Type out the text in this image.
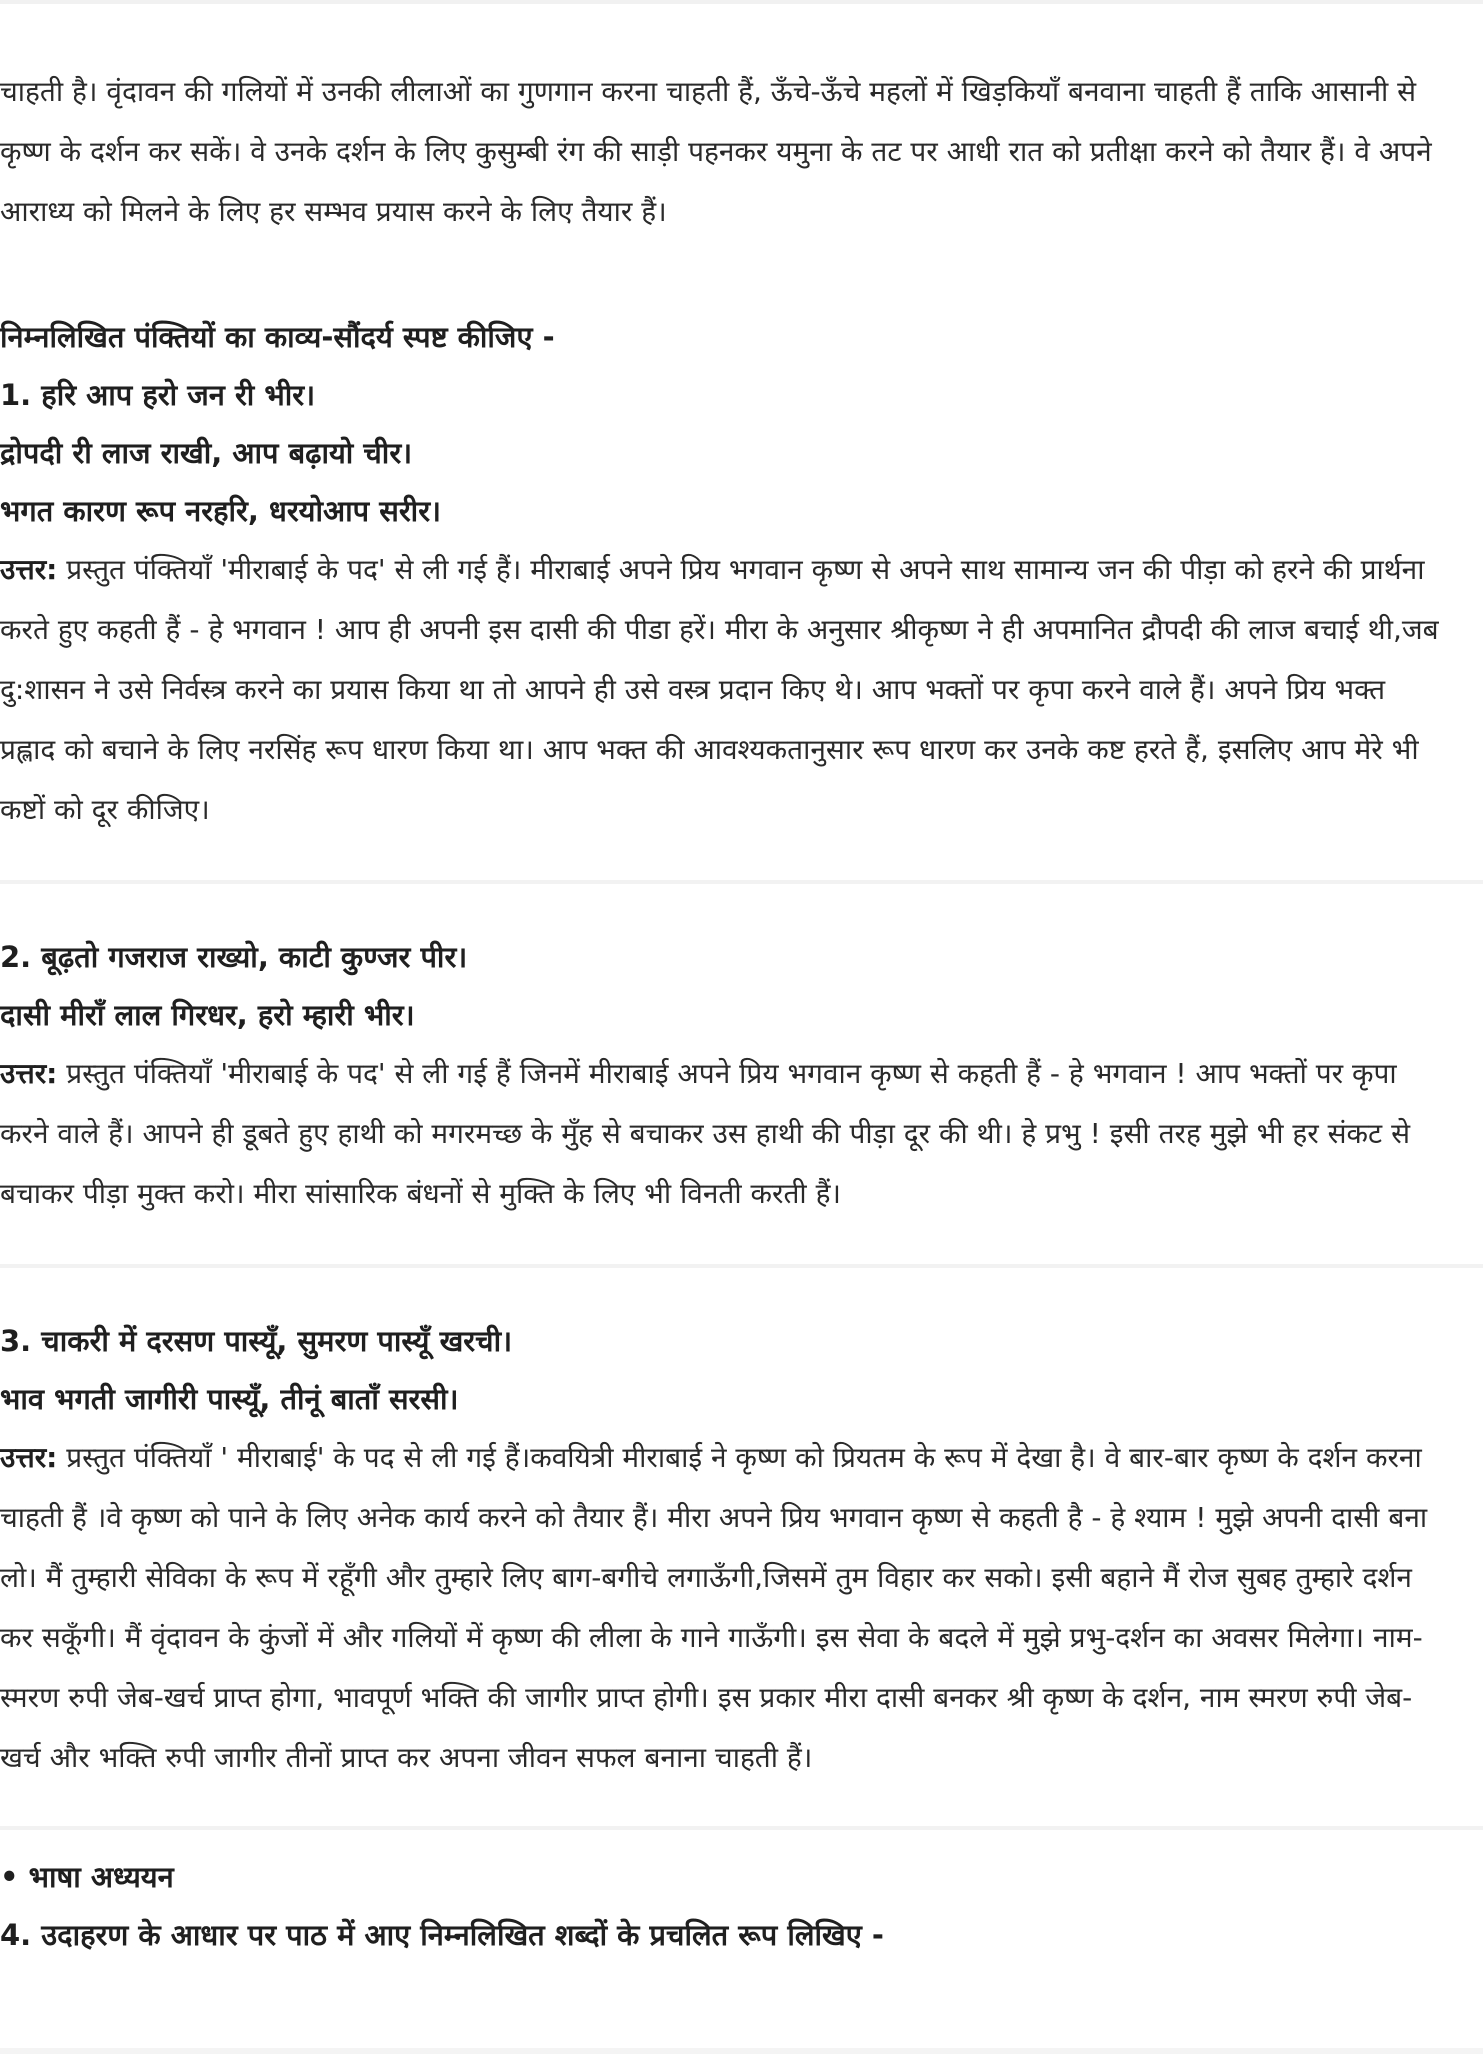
चाहती है। वृंदावन की गलियों में उनकी लीलाओं का गुणगान करना चाहती हैं, ऊँचे-ऊँचे महलों में खिड़कियाँ बनवाना चाहती हैं ताकि आसानी से कृष्ण के दर्शन कर सकें। वे उनके दर्शन के लिए कुसुम्बी रंग की साड़ी पहनकर यमुना के तट पर आधी रात को प्रतीक्षा करने को तैयार हैं। वे अपने आराध्य को मिलने के लिए हर सम्भव प्रयास करने के लिए तैयार हैं।

निम्नलिखित पंक्तियों का काव्य-सौंदर्य स्पष्ट कीजिए -

1. हरि आप हरो जन री भीर।

द्रोपदी री लाज राखी, आप बढ़ायो चीर।

भगत कारण रूप नरहरि, धरयोआप सरीर।

उत्तर: प्रस्तुत पंक्तियाँ 'मीराबाई के पद' से ली गई हैं। मीराबाई अपने प्रिय भगवान कृष्ण से अपने साथ सामान्य जन की पीड़ा को हरने की प्रार्थना करते हुए कहती हैं - हे भगवान ! आप ही अपनी इस दासी की पीडा हरें। मीरा के अनुसार श्रीकृष्ण ने ही अपमानित द्रौपदी की लाज बचाई थी,जब दु:शासन ने उसे निर्वस्त्र करने का प्रयास किया था तो आपने ही उसे वस्त्र प्रदान किए थे। आप भक्तों पर कृपा करने वाले हैं। अपने प्रिय भक्त प्रह्लाद को बचाने के लिए नरसिंह रूप धारण किया था। आप भक्त की आवश्यकतानुसार रूप धारण कर उनके कष्ट हरते हैं, इसलिए आप मेरे भी कष्टों को दूर कीजिए।

2. बूढ़तो गजराज राख्यो, काटी कुण्जर पीर।

दासी मीराँ लाल गिरधर, हरो म्हारी भीर।

उत्तर: प्रस्तुत पंक्तियाँ 'मीराबाई के पद' से ली गई हैं जिनमें मीराबाई अपने प्रिय भगवान कृष्ण से कहती हैं - हे भगवान ! आप भक्तों पर कृपा करने वाले हैं। आपने ही डूबते हुए हाथी को मगरमच्छ के मुँह से बचाकर उस हाथी की पीड़ा दूर की थी। हे प्रभु ! इसी तरह मुझे भी हर संकट से बचाकर पीड़ा मुक्त करो। मीरा सांसारिक बंधनों से मुक्ति के लिए भी विनती करती हैं।

3. चाकरी में दरसण पास्यूँ, सुमरण पास्यूँ खरची।

भाव भगती जागीरी पास्यूँ, तीनूं बाताँ सरसी।

उत्तर: प्रस्तुत पंक्तियाँ ' मीराबाई' के पद से ली गई हैं।कवयित्री मीराबाई ने कृष्ण को प्रियतम के रूप में देखा है। वे बार-बार कृष्ण के दर्शन करना चाहती हैं ।वे कृष्ण को पाने के लिए अनेक कार्य करने को तैयार हैं। मीरा अपने प्रिय भगवान कृष्ण से कहती है - हे श्याम ! मुझे अपनी दासी बना लो। मैं तुम्हारी सेविका के रूप में रहूँगी और तुम्हारे लिए बाग-बगीचे लगाऊँगी,जिसमें तुम विहार कर सको। इसी बहाने मैं रोज सुबह तुम्हारे दर्शन कर सकूँगी। मैं वृंदावन के कुंजों में और गलियों में कृष्ण की लीला के गाने गाऊँगी। इस सेवा के बदले में मुझे प्रभु-दर्शन का अवसर मिलेगा। नाम-स्मरण रुपी जेब-खर्च प्राप्त होगा, भावपूर्ण भक्ति की जागीर प्राप्त होगी। इस प्रकार मीरा दासी बनकर श्री कृष्ण के दर्शन, नाम स्मरण रुपी जेब-खर्च और भक्ति रुपी जागीर तीनों प्राप्त कर अपना जीवन सफल बनाना चाहती हैं।

• भाषा अध्ययन

4. उदाहरण के आधार पर पाठ में आए निम्नलिखित शब्दों के प्रचलित रूप लिखिए -
